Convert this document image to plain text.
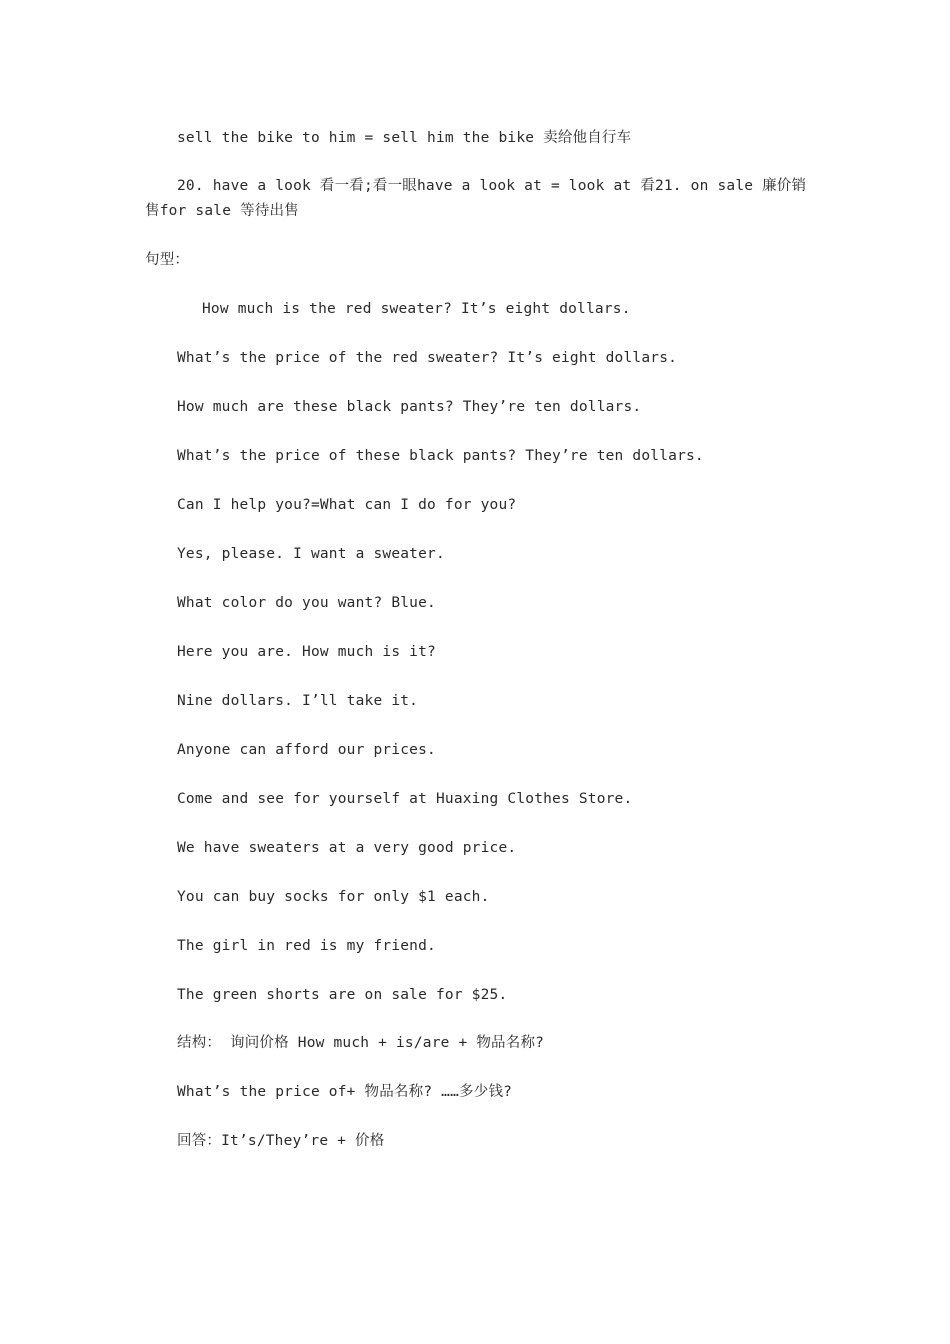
sell the bike to him = sell him the bike 卖给他自行车
20. have a look 看一看;看一眼have a look at = look at 看21. on sale 廉价销售for sale 等待出售
句型：
How much is the red sweater? It’s eight dollars.
What’s the price of the red sweater? It’s eight dollars.
How much are these black pants? They’re ten dollars.
What’s the price of these black pants? They’re ten dollars.
Can I help you?=What can I do for you?
Yes, please. I want a sweater.
What color do you want? Blue.
Here you are. How much is it?
Nine dollars. I’ll take it.
Anyone can afford our prices.
Come and see for yourself at Huaxing Clothes Store.
We have sweaters at a very good price.
You can buy socks for only $1 each.
The girl in red is my friend.
The green shorts are on sale for $25.
结构： 询问价格 How much + is/are + 物品名称?
What’s the price of+ 物品名称? ……多少钱?
回答：It’s/They’re + 价格
